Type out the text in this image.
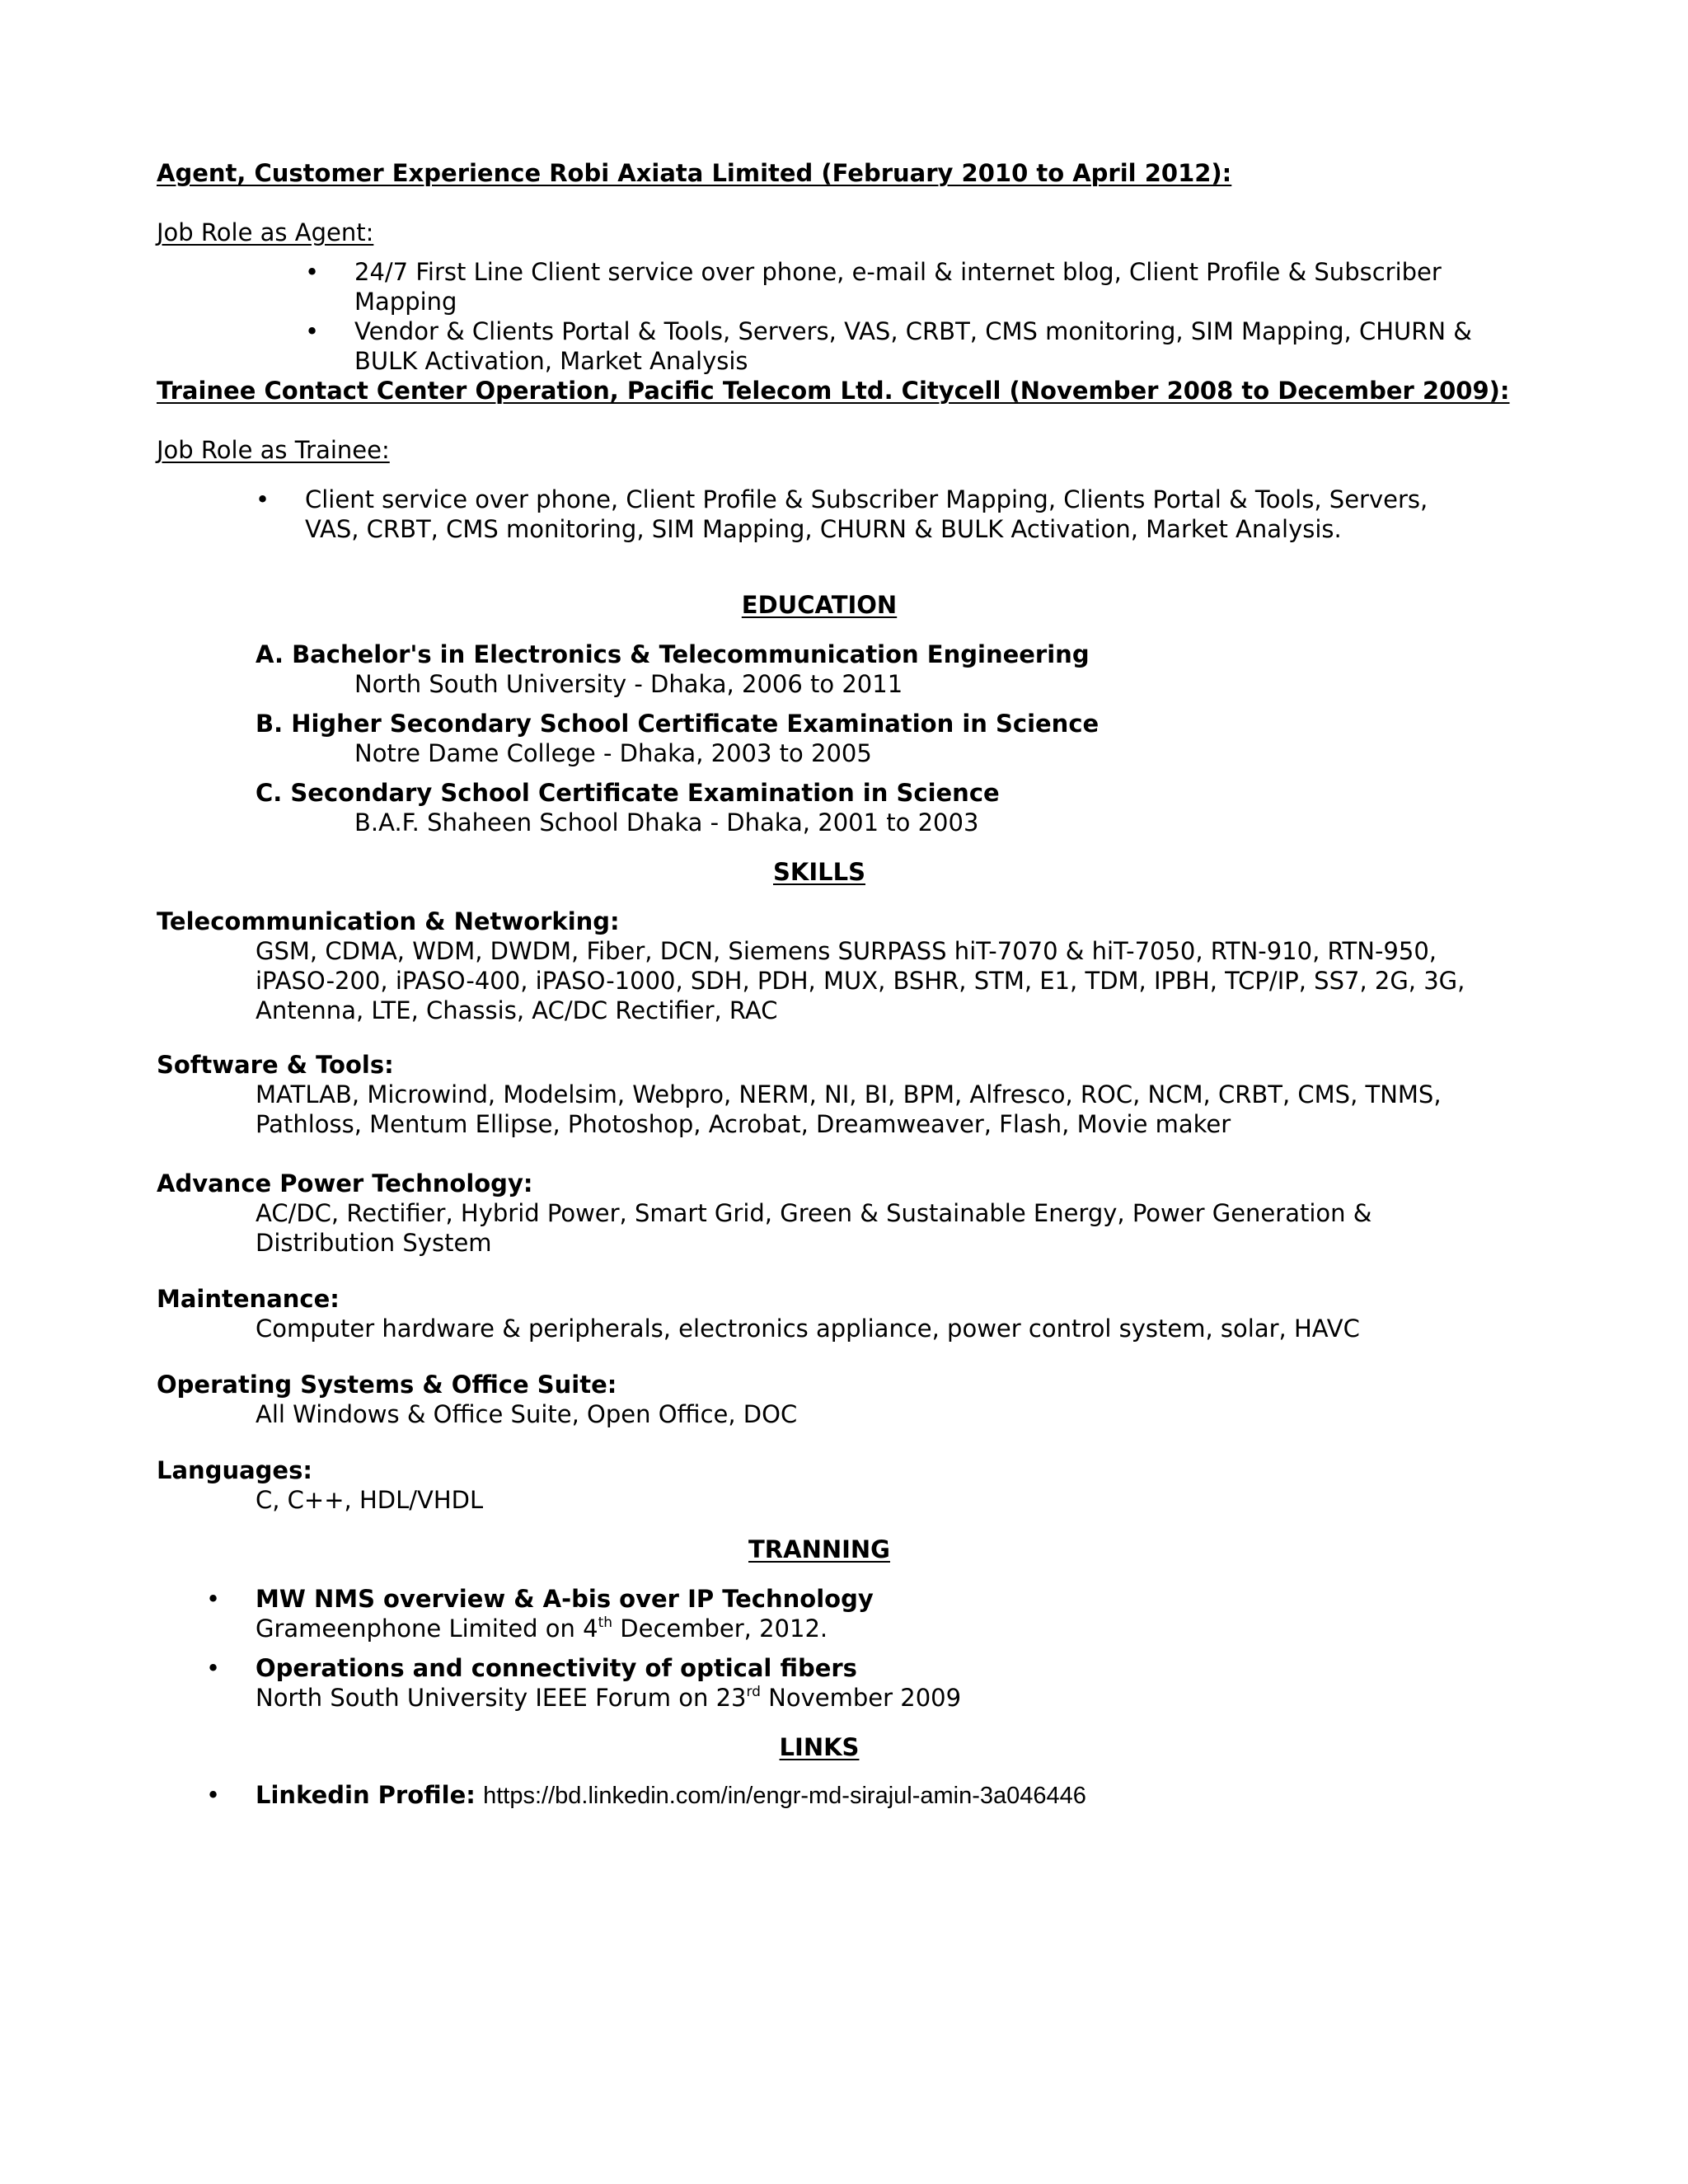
Agent, Customer Experience Robi Axiata Limited (February 2010 to April 2012):
Job Role as Agent:
• 24/7 First Line Client service over phone, e-mail & internet blog, Client Profile & Subscriber Mapping
• Vendor & Clients Portal & Tools, Servers, VAS, CRBT, CMS monitoring, SIM Mapping, CHURN & BULK Activation, Market Analysis
Trainee Contact Center Operation, Pacific Telecom Ltd. Citycell (November 2008 to December 2009):
Job Role as Trainee:
• Client service over phone, Client Profile & Subscriber Mapping, Clients Portal & Tools, Servers, VAS, CRBT, CMS monitoring, SIM Mapping, CHURN & BULK Activation, Market Analysis.
EDUCATION
A. Bachelor's in Electronics & Telecommunication Engineering
North South University - Dhaka, 2006 to 2011
B. Higher Secondary School Certificate Examination in Science
Notre Dame College - Dhaka, 2003 to 2005
C. Secondary School Certificate Examination in Science
B.A.F. Shaheen School Dhaka - Dhaka, 2001 to 2003
SKILLS
Telecommunication & Networking:
GSM, CDMA, WDM, DWDM, Fiber, DCN, Siemens SURPASS hiT-7070 & hiT-7050, RTN-910, RTN-950, iPASO-200, iPASO-400, iPASO-1000, SDH, PDH, MUX, BSHR, STM, E1, TDM, IPBH, TCP/IP, SS7, 2G, 3G, Antenna, LTE, Chassis, AC/DC Rectifier, RAC
Software & Tools:
MATLAB, Microwind, Modelsim, Webpro, NERM, NI, BI, BPM, Alfresco, ROC, NCM, CRBT, CMS, TNMS, Pathloss, Mentum Ellipse, Photoshop, Acrobat, Dreamweaver, Flash, Movie maker
Advance Power Technology:
AC/DC, Rectifier, Hybrid Power, Smart Grid, Green & Sustainable Energy, Power Generation & Distribution System
Maintenance:
Computer hardware & peripherals, electronics appliance, power control system, solar, HAVC
Operating Systems & Office Suite:
All Windows & Office Suite, Open Office, DOC
Languages:
C, C++, HDL/VHDL
TRANNING
• MW NMS overview & A-bis over IP Technology
Grameenphone Limited on 4th December, 2012.
• Operations and connectivity of optical fibers
North South University IEEE Forum on 23rd November 2009
LINKS
• Linkedin Profile: https://bd.linkedin.com/in/engr-md-sirajul-amin-3a046446
